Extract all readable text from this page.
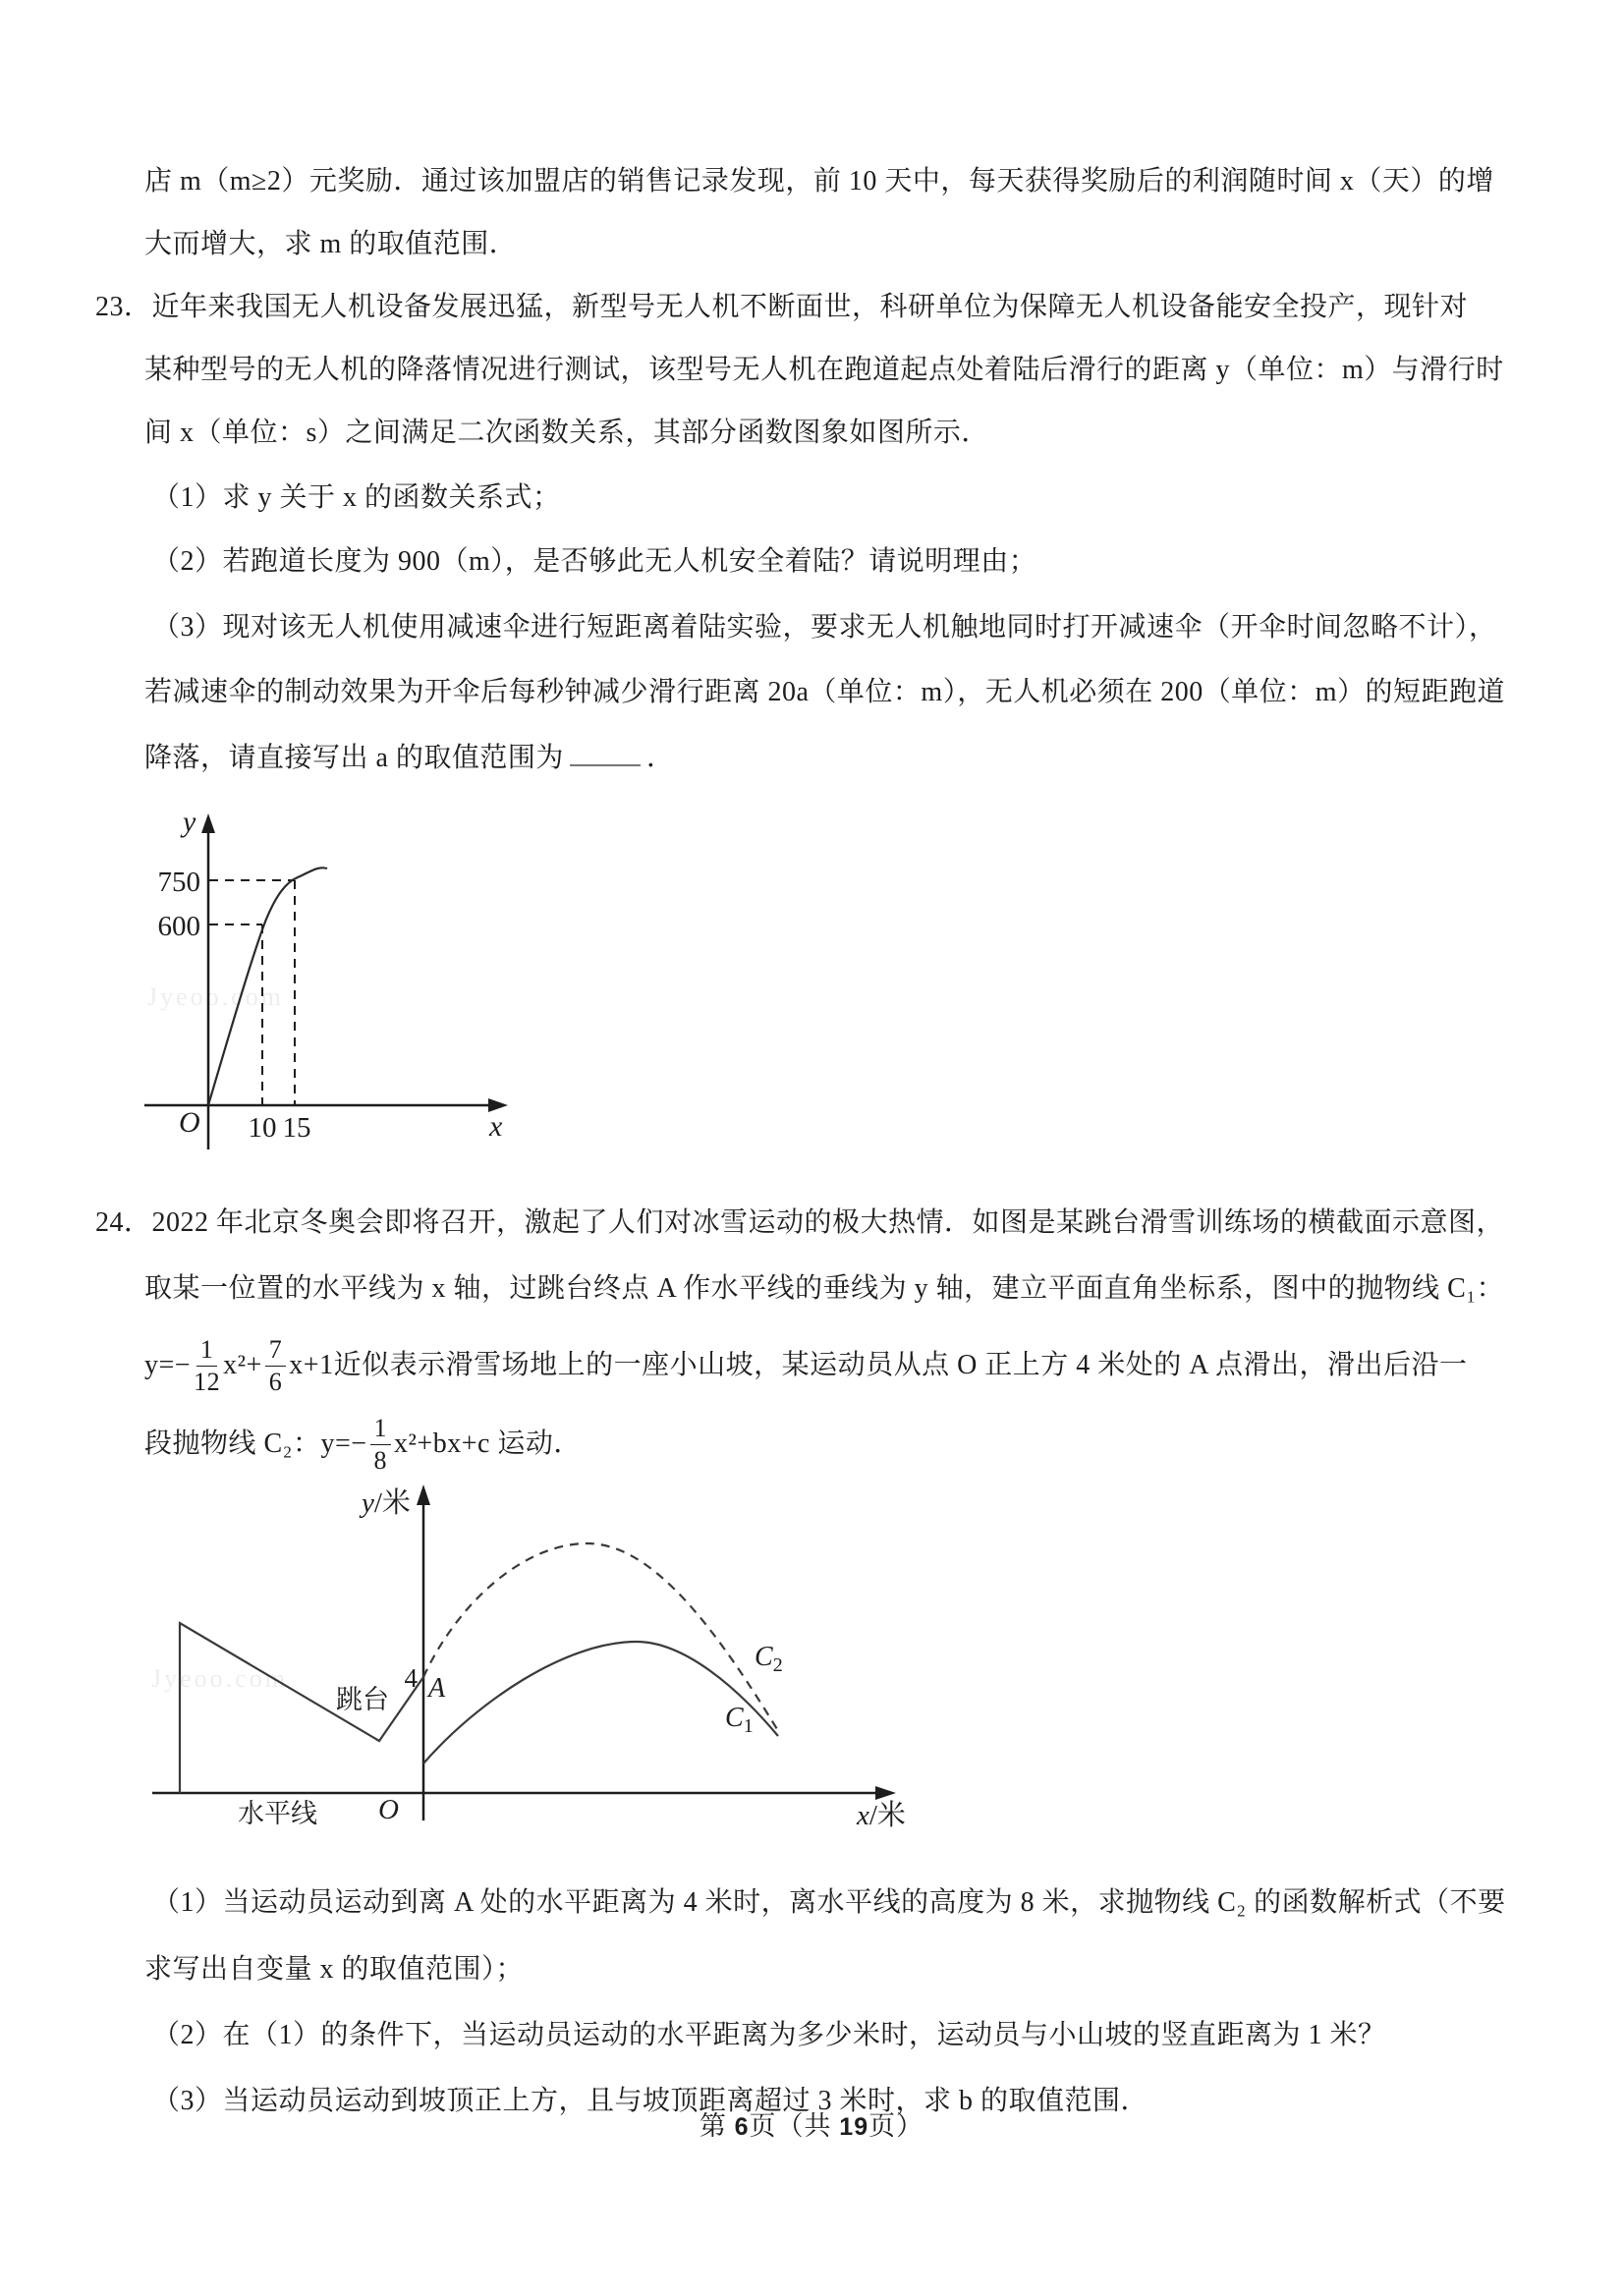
店 m（m≥2）元奖励．通过该加盟店的销售记录发现，前 10 天中，每天获得奖励后的利润随时间 x（天）的增
大而增大，求 m 的取值范围．
23．近年来我国无人机设备发展迅猛，新型号无人机不断面世，科研单位为保障无人机设备能安全投产，现针对
某种型号的无人机的降落情况进行测试，该型号无人机在跑道起点处着陆后滑行的距离 y（单位：m）与滑行时
间 x（单位：s）之间满足二次函数关系，其部分函数图象如图所示．
（1）求 y 关于 x 的函数关系式；
（2）若跑道长度为 900（m），是否够此无人机安全着陆？请说明理由；
（3）现对该无人机使用减速伞进行短距离着陆实验，要求无人机触地同时打开减速伞（开伞时间忽略不计），
若减速伞的制动效果为开伞后每秒钟减少滑行距离 20a（单位：m），无人机必须在 200（单位：m）的短距跑道
降落，请直接写出 a 的取值范围为	．
Jyeoo.com
y
x
O
750
600
10 15
24．2022 年北京冬奥会即将召开，激起了人们对冰雪运动的极大热情．如图是某跳台滑雪训练场的横截面示意图，
取某一位置的水平线为 x 轴，过跳台终点 A 作水平线的垂线为 y 轴，建立平面直角坐标系，图中的抛物线 C₁：
$y=- \frac{1}{12} x^2+ \frac{7}{6} x+1$ 近似表示滑雪场地上的一座小山坡，某运动员从点 O 正上方 4 米处的 A 点滑出，滑出后沿一
段抛物线 C₂：$y=- \frac{1}{8} x^2+bx+c$ 运动．
Jyeoo.com
y/米
x/米
O
4 A
跳台
水平线
$C_2$
$C_1$
（1）当运动员运动到离 A 处的水平距离为 4 米时，离水平线的高度为 8 米，求抛物线 C₂ 的函数解析式（不要
求写出自变量 x 的取值范围）；
（2）在（1）的条件下，当运动员运动的水平距离为多少米时，运动员与小山坡的竖直距离为 1 米？
（3）当运动员运动到坡顶正上方，且与坡顶距离超过 3 米时，求 b 的取值范围．
第 6页（共 19页）
